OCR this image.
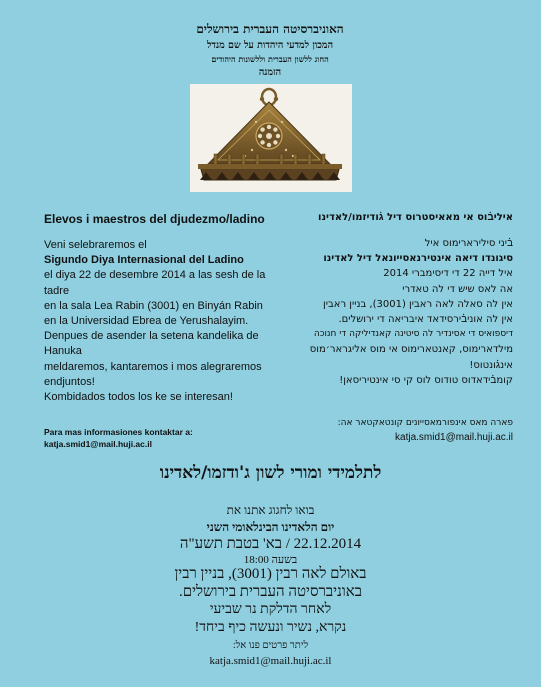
האוניברסיטה העברית בירושלים
המכון למדעי היהדות על שם מנדל
החוג ללשון העברית וללשונות היהודים
הזמנה
Elevos i maestros del djudezmo/ladino
Veni selebraremos el
Sigundo Diya Internasional del Ladino
el diya 22 de desembre 2014 a las sesh de la
tadre
en la sala Lea Rabin (3001) en Binyán Rabin
en la Universidad Ebrea de Yerushalayim.
Denpues de asender la setena kandelika de
Hanuka
meldaremos, kantaremos i mos alegraremos
endjuntos!
Kombidados todos los ke se interesan!
Para mas informasiones kontaktar a:
katja.smid1@mail.huji.ac.il
איליב֗וס אי מאאיסטרוס דיל ג֗ודיזמו/לאדינו
ב֗יני סילירארימוס איל
סיגונדו דיאה אינטירנאסייונאל דיל לאדינו
איל דייה 22 די דיסימברי 2014
אה לאס שיש די לה טאדרי
אין לה סאלה לאה ראבין (3001), בניין ראבין
אין לה אוניב֗ירסידאד איבריאה די ירושלים.
דיספואיס די אסינדיר לה סיטינה קאנדיליקה די חנוכה
מילדארימוס, קאנטארימוס אי מוס אליגראר׳מוס
אינג֗ונטוס!
קומב֗ידאדוס טודוס לוס קי סי אינטיריסאן!
פארה מאס אינפורמאסייונים קונטאקטאר אה:
katja.smid1@mail.huji.ac.il
לתלמידי ומורי לשון ג'ודזמו/לאדינו
בואו לחגוג אתנו את
יום הלאדינו הבינלאומי השני
22.12.2014 / בא' בטבת תשע"ה
בשעה 18:00
באולם לאה רבין (3001), בניין רבין
באוניברסיטה העברית בירושלים.
לאחר הדלקת נר שביעי
נקרא, נשיר ונעשה כיף ביחד!
ליתר פרטים פנו אל:
katja.smid1@mail.huji.ac.il
